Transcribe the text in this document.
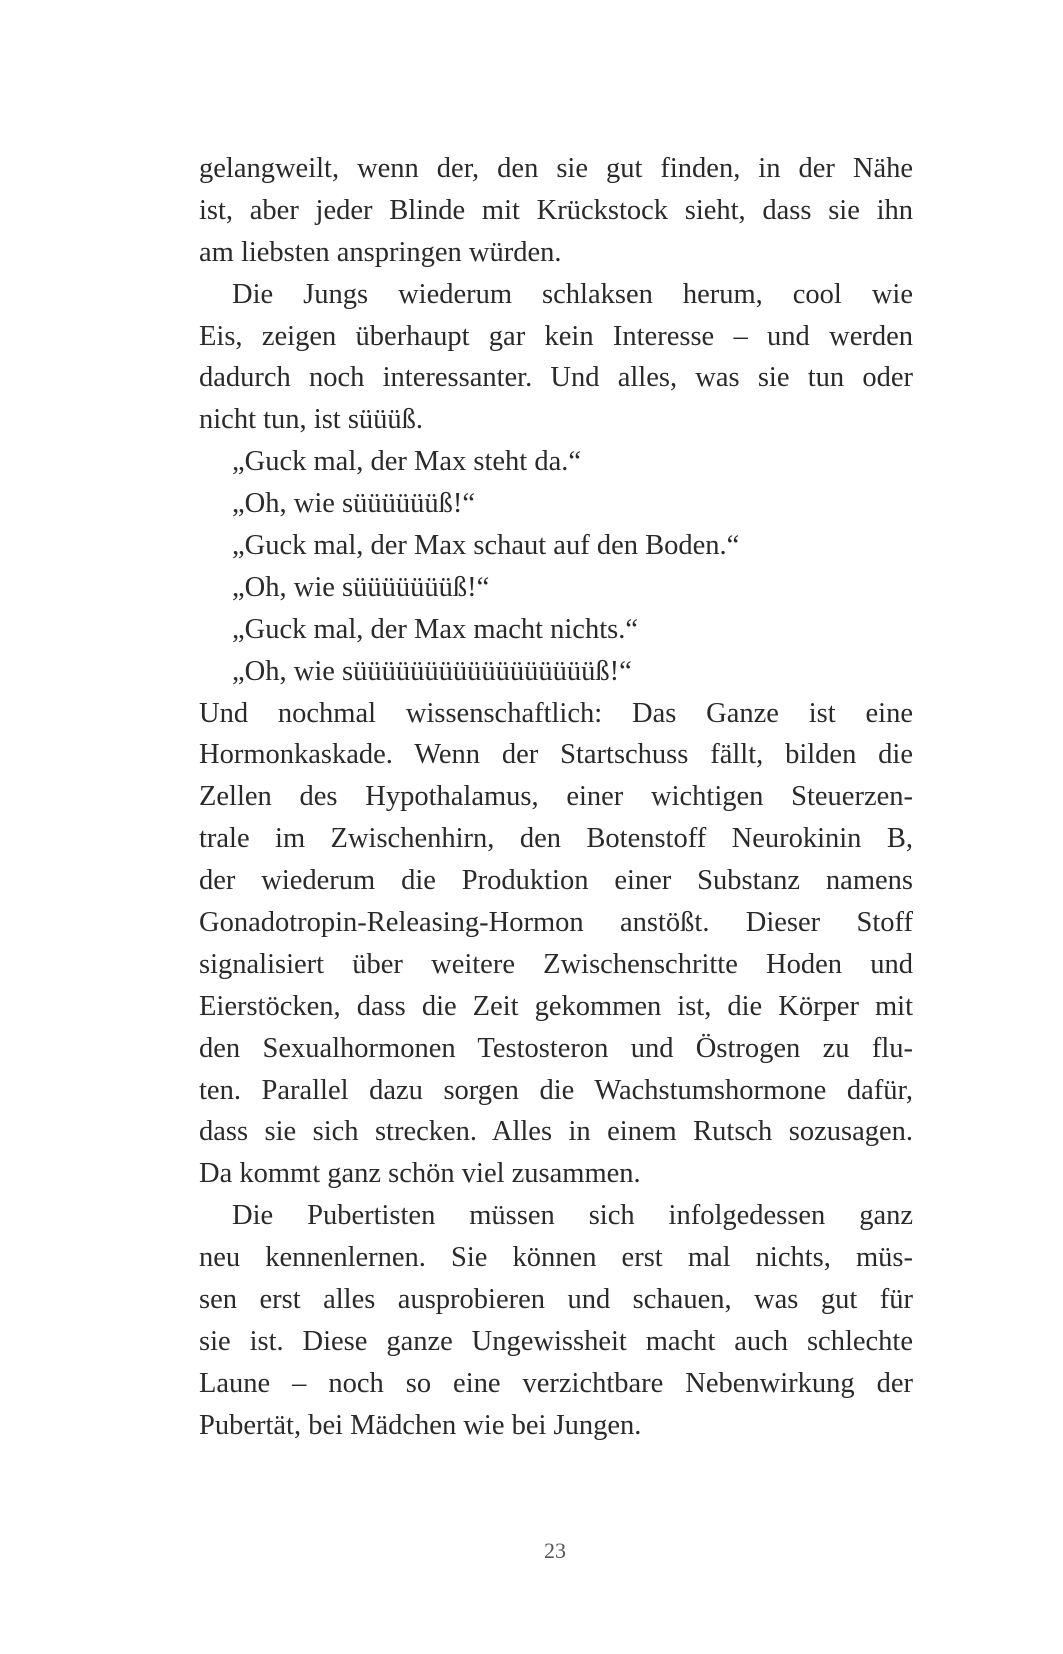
gelangweilt, wenn der, den sie gut finden, in der Nähe
ist, aber jeder Blinde mit Krückstock sieht, dass sie ihn
am liebsten anspringen würden.
Die Jungs wiederum schlaksen herum, cool wie
Eis, zeigen überhaupt gar kein Interesse – und werden
dadurch noch interessanter. Und alles, was sie tun oder
nicht tun, ist süüüß.
„Guck mal, der Max steht da.“
„Oh, wie süüüüüüß!“
„Guck mal, der Max schaut auf den Boden.“
„Oh, wie süüüüüüüß!“
„Guck mal, der Max macht nichts.“
„Oh, wie süüüüüüüüüüüüüüüüüß!“
Und nochmal wissenschaftlich: Das Ganze ist eine
Hormonkaskade. Wenn der Startschuss fällt, bilden die
Zellen des Hypothalamus, einer wichtigen Steuerzen-
trale im Zwischenhirn, den Botenstoff Neurokinin B,
der wiederum die Produktion einer Substanz namens
Gonadotropin-Releasing-Hormon anstößt. Dieser Stoff
signalisiert über weitere Zwischenschritte Hoden und
Eierstöcken, dass die Zeit gekommen ist, die Körper mit
den Sexualhormonen Testosteron und Östrogen zu flu-
ten. Parallel dazu sorgen die Wachstumshormone dafür,
dass sie sich strecken. Alles in einem Rutsch sozusagen.
Da kommt ganz schön viel zusammen.
Die Pubertisten müssen sich infolgedessen ganz
neu kennenlernen. Sie können erst mal nichts, müs-
sen erst alles ausprobieren und schauen, was gut für
sie ist. Diese ganze Ungewissheit macht auch schlechte
Laune – noch so eine verzichtbare Nebenwirkung der
Pubertät, bei Mädchen wie bei Jungen.
23
